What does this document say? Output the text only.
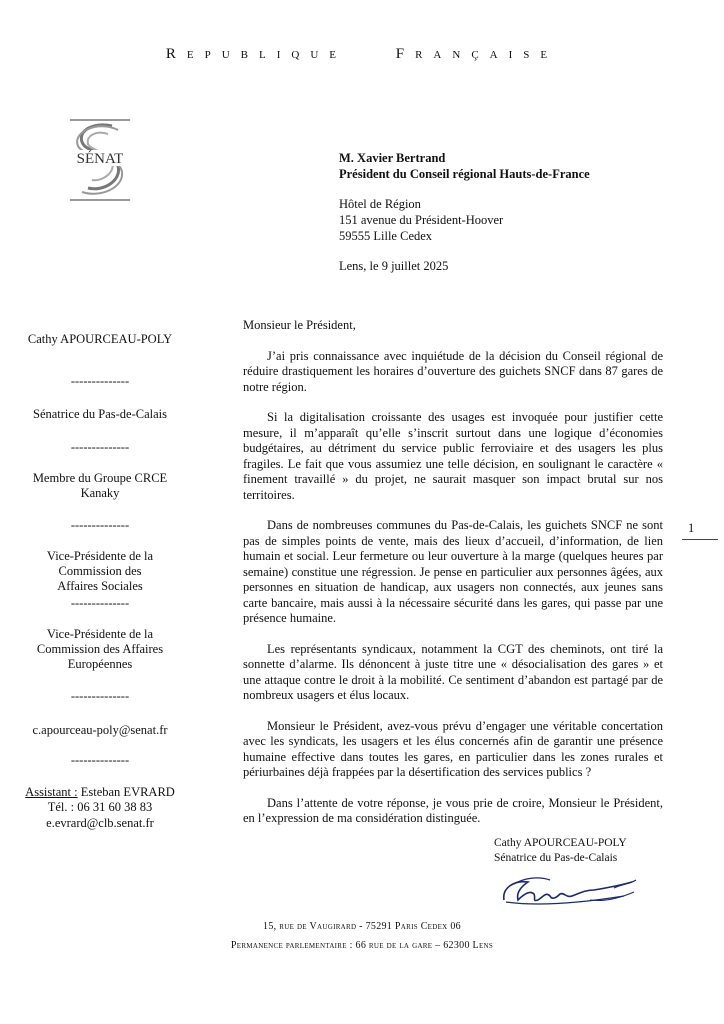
Republique Française
SÉNAT	M. Xavier Bertrand
Président du Conseil régional Hauts-de-France
Hôtel de Région
151 avenue du Président-Hoover
59555 Lille Cedex
Lens, le 9 juillet 2025
Cathy APOURCEAU-POLY
--------------
Sénatrice du Pas-de-Calais
--------------
Membre du Groupe CRCE
Kanaky
--------------
Vice-Présidente de la
Commission des
Affaires Sociales
--------------
Vice-Présidente de la
Commission des Affaires
Européennes
--------------
c.apourceau-poly@senat.fr
--------------
Assistant : Esteban EVRARD
Tél. : 06 31 60 38 83
e.evrard@clb.senat.fr

Monsieur le Président,

J’ai pris connaissance avec inquiétude de la décision du Conseil régional de réduire drastiquement les horaires d’ouverture des guichets SNCF dans 87 gares de notre région.

Si la digitalisation croissante des usages est invoquée pour justifier cette mesure, il m’apparaît qu’elle s’inscrit surtout dans une logique d’économies budgétaires, au détriment du service public ferroviaire et des usagers les plus fragiles. Le fait que vous assumiez une telle décision, en soulignant le caractère « finement travaillé » du projet, ne saurait masquer son impact brutal sur nos territoires.

Dans de nombreuses communes du Pas-de-Calais, les guichets SNCF ne sont pas de simples points de vente, mais des lieux d’accueil, d’information, de lien humain et social. Leur fermeture ou leur ouverture à la marge (quelques heures par semaine) constitue une régression. Je pense en particulier aux personnes âgées, aux personnes en situation de handicap, aux usagers non connectés, aux jeunes sans carte bancaire, mais aussi à la nécessaire sécurité dans les gares, qui passe par une présence humaine.

Les représentants syndicaux, notamment la CGT des cheminots, ont tiré la sonnette d’alarme. Ils dénoncent à juste titre une « désocialisation des gares » et une attaque contre le droit à la mobilité. Ce sentiment d’abandon est partagé par de nombreux usagers et élus locaux.

Monsieur le Président, avez-vous prévu d’engager une véritable concertation avec les syndicats, les usagers et les élus concernés afin de garantir une présence humaine effective dans toutes les gares, en particulier dans les zones rurales et périurbaines déjà frappées par la désertification des services publics ?

Dans l’attente de votre réponse, je vous prie de croire, Monsieur le Président, en l’expression de ma considération distinguée.

1
Cathy APOURCEAU-POLY
Sénatrice du Pas-de-Calais
15, rue de Vaugirard - 75291 Paris Cedex 06
Permanence parlementaire : 66 rue de la gare – 62300 Lens
